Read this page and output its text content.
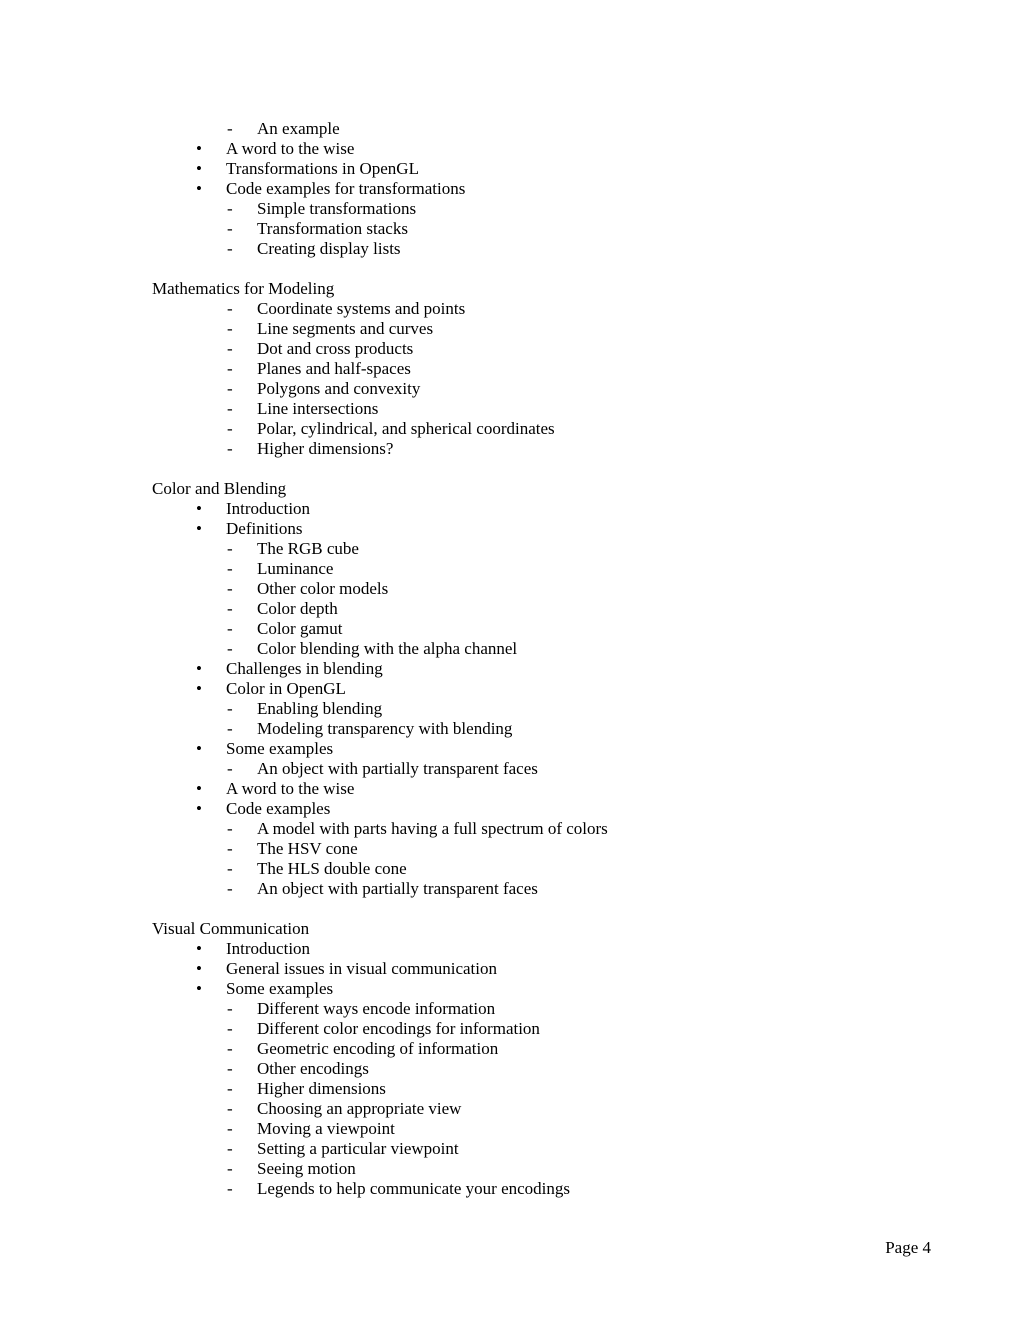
-	An example
•	A word to the wise
•	Transformations in OpenGL
•	Code examples for transformations
-	Simple transformations
-	Transformation stacks
-	Creating display lists
Mathematics for Modeling
-	Coordinate systems and points
-	Line segments and curves
-	Dot and cross products
-	Planes and half-spaces
-	Polygons and convexity
-	Line intersections
-	Polar, cylindrical, and spherical coordinates
-	Higher dimensions?
Color and Blending
•	Introduction
•	Definitions
-	The RGB cube
-	Luminance
-	Other color models
-	Color depth
-	Color gamut
-	Color blending with the alpha channel
•	Challenges in blending
•	Color in OpenGL
-	Enabling blending
-	Modeling transparency with blending
•	Some examples
-	An object with partially transparent faces
•	A word to the wise
•	Code examples
-	A model with parts having a full spectrum of colors
-	The HSV cone
-	The HLS double cone
-	An object with partially transparent faces
Visual Communication
•	Introduction
•	General issues in visual communication
•	Some examples
-	Different ways encode information
-	Different color encodings for information
-	Geometric encoding of information
-	Other encodings
-	Higher dimensions
-	Choosing an appropriate view
-	Moving a viewpoint
-	Setting a particular viewpoint
-	Seeing motion
-	Legends to help communicate your encodings
Page 4
